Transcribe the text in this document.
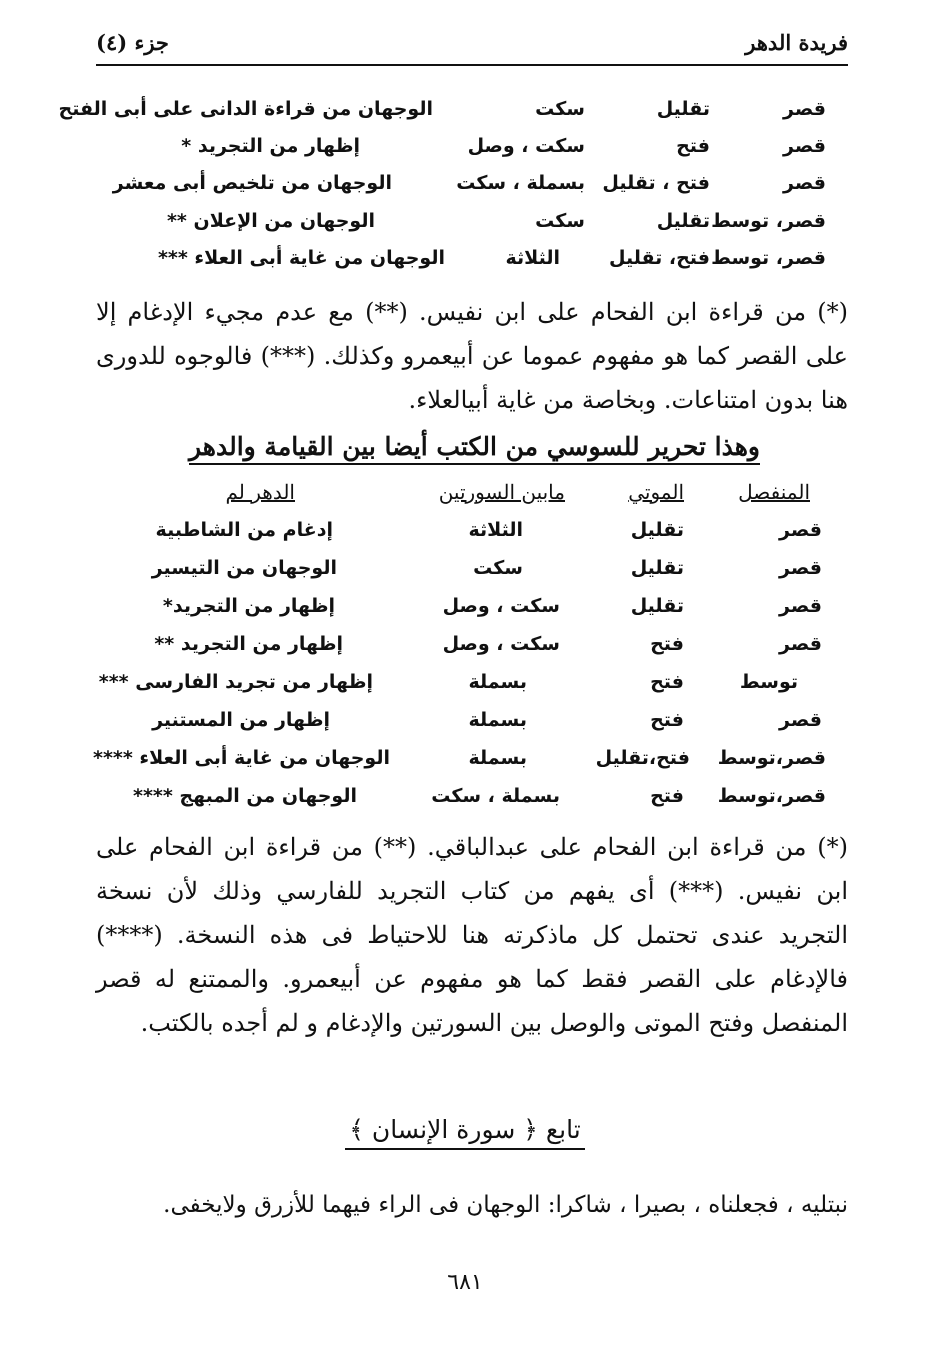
فريدة الدهر
جزء (٤)
قصر
تقليل
سكت
الوجهان من قراءة الدانى على أبى الفتح
قصر
فتح
سكت ، وصل
إظهار من التجريد *
قصر
فتح ، تقليل
بسملة ، سكت
الوجهان من تلخيص أبى معشر
قصر، توسط
تقليل
سكت
الوجهان من الإعلان **
قصر، توسط
فتح، تقليل
الثلاثة
الوجهان من غاية أبى العلاء ***

(*) من قراءة ابن الفحام على ابن نفيس. (**) مع عدم مجيء الإدغام إلا على القصر كما هو مفهوم عموما عن أبيعمرو وكذلك. (***) فالوجوه للدورى هنا بدون امتناعات. وبخاصة من غاية أبيالعلاء.

وهذا تحرير للسوسي من الكتب أيضا بين القيامة والدهر
المنفصل
الموتي
مابين السورتين
الدهر لم
قصر
تقليل
الثلاثة
إدغام من الشاطبية
قصر
تقليل
سكت
الوجهان من التيسير
قصر
تقليل
سكت ، وصل
إظهار من التجريد*
قصر
فتح
سكت ، وصل
إظهار من التجريد **
توسط
فتح
بسملة
إظهار من تجريد الفارسى ***
قصر
فتح
بسملة
إظهار من المستنير
قصر،توسط
فتح،تقليل
بسملة
الوجهان من غاية أبى العلاء ****
قصر،توسط
فتح
بسملة ، سكت
الوجهان من المبهج ****

(*) من قراءة ابن الفحام على عبدالباقي. (**) من قراءة ابن الفحام على ابن نفيس. (***) أى يفهم من كتاب التجريد للفارسي وذلك لأن نسخة التجريد عندى تحتمل كل ماذكرته هنا للاحتياط فى هذه النسخة. (****) فالإدغام على القصر فقط كما هو مفهوم عن أبيعمرو. والممتنع له قصر المنفصل وفتح الموتى والوصل بين السورتين والإدغام و لم أجده بالكتب.

تابع ﴿ سورة الإنسان ﴾
نبتليه ، فجعلناه ، بصيرا ، شاكرا: الوجهان فى الراء فيهما للأزرق ولايخفى.
٦٨١
